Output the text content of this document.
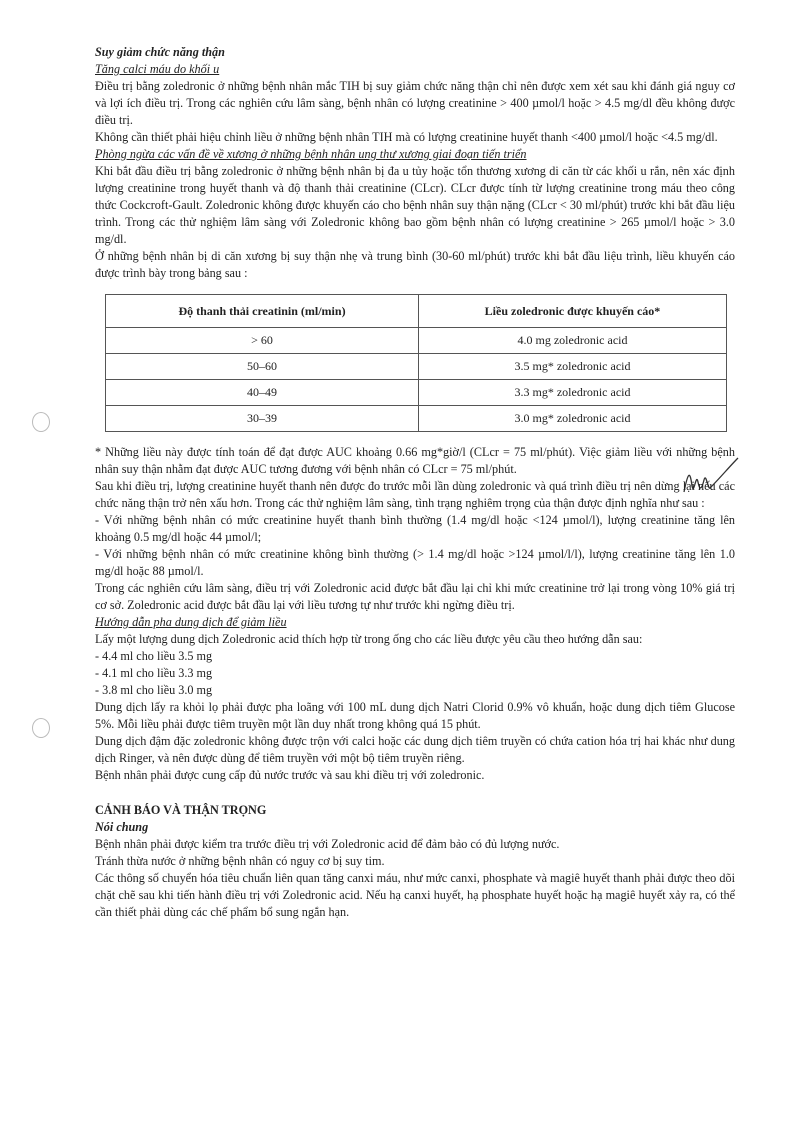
Suy giảm chức năng thận

Tăng calci máu do khối u

Điều trị bằng zoledronic ở những bệnh nhân mắc TIH bị suy giảm chức năng thận chỉ nên được xem xét sau khi đánh giá nguy cơ và lợi ích điều trị. Trong các nghiên cứu lâm sàng, bệnh nhân có lượng creatinine > 400 µmol/l hoặc > 4.5 mg/dl đều không được điều trị.

Không cần thiết phải hiệu chỉnh liều ở những bệnh nhân TIH mà có lượng creatinine huyết thanh <400 µmol/l hoặc <4.5 mg/dl.

Phòng ngừa các vấn đề về xương ở những bệnh nhân ung thư xương giai đoạn tiến triển

Khi bắt đầu điều trị bằng zoledronic ở những bệnh nhân bị đa u tủy hoặc tổn thương xương di căn từ các khối u rắn, nên xác định lượng creatinine trong huyết thanh và độ thanh thải creatinine (CLcr). CLcr được tính từ lượng creatinine trong máu theo công thức Cockcroft-Gault. Zoledronic không được khuyến cáo cho bệnh nhân suy thận nặng (CLcr < 30 ml/phút) trước khi bắt đầu liệu trình. Trong các thử nghiệm lâm sàng với Zoledronic không bao gồm bệnh nhân có lượng creatinine > 265 µmol/l hoặc > 3.0 mg/dl.

Ở những bệnh nhân bị di căn xương bị suy thận nhẹ và trung bình (30-60 ml/phút) trước khi bắt đầu liệu trình, liều khuyến cáo được trình bày trong bảng sau :

Độ thanh thải creatinin (ml/min)	Liều zoledronic được khuyến cáo*
> 60	4.0 mg zoledronic acid
50–60	3.5 mg* zoledronic acid
40–49	3.3 mg* zoledronic acid
30–39	3.0 mg* zoledronic acid

* Những liều này được tính toán để đạt được AUC khoảng 0.66 mg*giờ/l (CLcr = 75 ml/phút). Việc giảm liều với những bệnh nhân suy thận nhằm đạt được AUC tương đương với bệnh nhân có CLcr = 75 ml/phút.

Sau khi điều trị, lượng creatinine huyết thanh nên được đo trước mỗi lần dùng zoledronic và quá trình điều trị nên dừng lại nếu các chức năng thận trở nên xấu hơn. Trong các thử nghiệm lâm sàng, tình trạng nghiêm trọng của thận được định nghĩa như sau :

- Với những bệnh nhân có mức creatinine huyết thanh bình thường (1.4 mg/dl hoặc <124 µmol/l), lượng creatinine tăng lên khoảng 0.5 mg/dl hoặc 44 µmol/l;

- Với những bệnh nhân có mức creatinine không bình thường (> 1.4 mg/dl hoặc >124 µmol/l/l), lượng creatinine tăng lên 1.0 mg/dl hoặc 88 µmol/l.

Trong các nghiên cứu lâm sàng, điều trị với Zoledronic acid được bắt đầu lại chỉ khi mức creatinine trở lại trong vòng 10% giá trị cơ sở. Zoledronic acid được bắt đầu lại với liều tương tự như trước khi ngừng điều trị.

Hướng dẫn pha dung dịch để giảm liều

Lấy một lượng dung dịch Zoledronic acid thích hợp từ trong ống cho các liều được yêu cầu theo hướng dẫn sau:

- 4.4 ml cho liều 3.5 mg

- 4.1 ml cho liều 3.3 mg

- 3.8 ml cho liều 3.0 mg

Dung dịch lấy ra khỏi lọ phải được pha loãng với 100 mL dung dịch Natri Clorid 0.9% vô khuẩn, hoặc dung dịch tiêm Glucose 5%. Mỗi liều phải được tiêm truyền một lần duy nhất trong không quá 15 phút.

Dung dịch đậm đặc zoledronic không được trộn với calci hoặc các dung dịch tiêm truyền có chứa cation hóa trị hai khác như dung dịch Ringer, và nên được dùng để tiêm truyền với một bộ tiêm truyền riêng.

Bệnh nhân phải được cung cấp đủ nước trước và sau khi điều trị với zoledronic.

CẢNH BÁO VÀ THẬN TRỌNG

Nói chung

Bệnh nhân phải được kiểm tra trước điều trị với Zoledronic acid để đảm bảo có đủ lượng nước.

Tránh thừa nước ở những bệnh nhân có nguy cơ bị suy tim.

Các thông số chuyển hóa tiêu chuẩn liên quan tăng canxi máu, như mức canxi, phosphate và magiê huyết thanh phải được theo dõi chặt chẽ sau khi tiến hành điều trị với Zoledronic acid. Nếu hạ canxi huyết, hạ phosphate huyết hoặc hạ magiê huyết xảy ra, có thể cần thiết phải dùng các chế phẩm bổ sung ngắn hạn.
